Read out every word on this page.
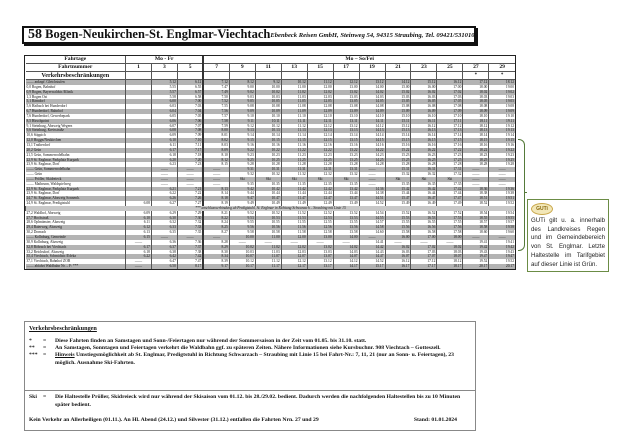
58 Bogen-Neukirchen-St. Englmar-Viechtach Ebenbeck Reisen GmbH, Steinweg 54, 94315 Straubing, Tel. 09421/531010
Fahrtage	Mo - Fr			Mo – So/Fei											
Fahrtnummer	1	3	5	7	9	11	13	15	17	19	21	23	25	27	29
Verkehrsbeschränkungen														*	*
—— anknpf. Gleichstufen		5.12	6.12	7.12	8.12	9.12	10.12	11.12	12.12	13.12	14.12	15.12	16.12	17.12	18.12
0,0 Bogen, Bahnhof		5.55	6.55	7.47	9.00	10.00	11.00	12.00	13.00	14.00	15.00	16.00	17.00	18.00	19.00
0,9 Bogen, Bayerwaldstr./Klinik		5.57	6.57	7.49	9.02	10.02	11.02	12.02	13.02	14.02	15.02	16.02	17.02	18.02	19.02
1,3 Bogen Ost		5.58	6.58	7.50	9.03	10.03	11.03	12.03	13.03	14.03	15.03	16.03	17.03	18.03	19.03
5,1 Bärndorf		6.00	7.00	7.52	9.05	10.05	11.05	12.05	13.05	14.05	15.05	16.05	17.05	18.05	19.05
5,6 Haibach bei Hunderdorf		6.03	7.03	7.55	9.08	10.08	11.08	12.08	13.08	14.08	15.08	16.08	17.08	18.08	19.08
6,7 Hunderdorf, Bahnhof		6.04	7.04	7.56	9.09	10.09	11.09	12.09	13.09	14.09	15.09	16.09	17.09	18.09	19.09
7,6 Hunderdorf, Gewerbepark		6.05	7.05	7.57	9.10	10.10	11.10	12.10	13.10	14.10	15.10	16.10	17.10	18.10	19.10
8,5 Hirschpoint		6.06	7.06	7.58	9.11	10.11	11.11	12.11	13.11	14.11	15.11	16.11	17.11	18.11	19.11
9,1 Steinburg, Abzweig Wegern		6.07	7.07	7.59	9.12	10.12	11.12	12.12	13.12	14.12	15.12	16.12	17.12	18.12	19.12
9,6 Steinburg, Kreisstraße		6.08	7.08	8.00	9.13	10.13	11.13	12.13	13.13	14.13	15.13	16.13	17.13	18.13	19.13
10,6 Stippich		6.09	7.09	8.01	9.14	10.14	11.14	12.14	13.14	14.14	15.14	16.14	17.14	18.14	19.14
12,0 Hoggn/Neukirchen		6.10	7.10	8.02	9.15	10.15	11.15	12.15	13.15	14.15	15.15	16.15	17.15	18.15	19.15
13,1 Tratberdorf		6.11	7.11	8.03	9.16	10.16	11.16	12.16	13.16	14.16	15.16	16.16	17.16	18.16	19.16
20,2 Grün		6.17	7.17	8.09	9.22	10.22	11.22	12.22	13.22	14.22	15.22	16.22	17.22	18.22	19.22
21,5 Grün, Sommerrodelbahn		6.18	7.18	8.10	9.23	10.23	11.23	12.23	13.23	14.23	15.23	16.23	17.23	18.23	19.23
22,9 St. Englmar, Parkplatz Kurpark		6.20	7.20	8.12	9.25	10.25	11.25	12.25	13.25	14.25	15.25	16.25	17.25	18.25	19.25
23,9 St. Englmar, Dorf		6.23	7.23	8.15	9.28	10.28	11.28	12.28	13.28	14.28	15.28	16.28	17.28	18.28	19.28
—— Grün, Sommerrodelbahn		——	——	——	9.31	10.31	11.31	12.31	13.31	——	15.31	16.31	17.31	——	——
—— Grün		——	——	——	9.32	10.32	11.32	12.32	13.32	——	15.32	16.32	17.32	——	——
—— Pröller, Skidreieck		——	——	——	Ski	Ski	Ski	Ski	Ski	——	Ski	Ski	Ski	——	——
—— Maibrunn, Waldspielweg		——	——	——	9.35	10.35	11.35	12.35	13.35	——	15.35	16.35	17.35	——	——
22,9 St. Englmar, Parkplatz Kurpark		6.21	7.21	8.13	9.42	10.42	11.42	12.42	13.42	14.36	15.42	16.42	17.42	18.36	19.36
23,9 St. Englmar, Dorf		6.22	7.22	8.14	9.44	10.44	11.44	12.44	13.44	14.38	15.44	16.44	17.44	18.38	19.38
24,7 St. Englmar, Abzweig Sonnenh.		6.26	7.26	8.18	9.47	10.47	11.47	12.47	13.47	14.51	15.47	16.47	17.47	18.51	19.51
24,9 St. Englmar, Predigtstuhl	6.08	6.27	7.27	8.19	9.49	10.49	11.49	12.49	13.49	14.52	15.49	16.49	17.49	18.52	19.52
*** anschlussverbindung ab Predigtstuhl, St. Englmar in Richtung Schwarzach – Straubing mit Linie 15															
27,2 Waldhof, Abzweig	6.09	6.29	7.29	8.21	9.52	10.52	11.52	12.52	13.52	14.54	15.52	16.52	17.52	18.54	19.54
27,7 Hochstraß	6.10	6.30	7.30	8.22	9.53	10.53	11.53	12.53	13.53	14.55	15.53	16.53	17.53	18.55	19.55
28,6 Oplmünster, Abzweig	6.11	6.32	7.32	8.24	9.55	10.55	11.55	12.55	13.55	14.57	15.55	16.55	17.55	18.57	19.57
29,4 Baierweg, Abzweig	6.12	6.33	7.33	8.25	9.56	10.56	11.56	12.56	13.56	14.58	15.56	16.56	17.56	18.58	19.58
30,2 Dornach	6.13	6.35	7.35	8.27	9.58	10.58	11.58	12.58	13.58	14.60	15.58	16.58	17.58	18.60	19.60
—— Kollnburg, Gemeinde	6.15	——	——	——	10.00	11.00	12.00	13.00	14.00	——	16.00	17.00	18.00	——	——
30,9 Kollnburg, Abzweig	——	6.36	7.36	8.28	——	——	——	——	——	14.41	——	——	——	19.41	19.41
32,8 Böbrach bei Viechtach	6.17	6.37	7.37	8.29	10.02	11.02	12.02	13.02	14.02	14.42	16.02	17.02	18.02	19.42	19.42
33,2 Reichsdorf, Abzweig	6.18	6.38	7.38	8.30	10.03	11.03	12.03	13.03	14.03	14.43	16.03	17.03	18.03	19.43	19.43
35,4 Viechtach, Schmidtstr./Edeka	6.22	6.42	7.42	8.34	10.07	11.07	12.07	13.07	14.07	14.47	16.07	17.07	18.07	19.47	19.47
37,1 Viechtach, Bahnhof ZOB	——	6.47	7.47	8.39	10.12	11.12	12.12	13.12	14.12	14.52	16.12	17.12	18.12	19.52	19.52
—— abfahrt Waldbahn Nr. – F: ***	——	6.50	8.17	9.17	10.17	11.17	12.17	13.17	14.17	15.17	16.17	17.17	18.17	20.17	20.17
GUTi
GUTi gilt u. a. innerhalb des Landkreises Regen und im Gemeindebereich von St. Englmar. Letzte Haltestelle im Tarifgebiet auf dieser Linie ist Grün.
Verkehrsbeschränkungen
*	=	Diese Fahrten finden an Samstagen und Sonn-/Feiertagen nur während der Sommersaison in der Zeit vom 01.05. bis 31.10. statt.
**	=	An Samstagen, Sonntagen und Feiertagen verkehrt die Waldbahn ggf. zu späteren Zeiten. Nähere Informationen siehe Kursbuchnr. 908 Viechtach – Gotteszell.
*** =	Hinweis Umstiegsmöglichkeit ab St. Englmar, Predigtstuhl in Richtung Schwarzach – Straubing mit Linie 15 bei Fahrt-Nr.: 7, 11, 21 (nur an Sonn- u. Feiertagen), 23 möglich. Ausnahme Ski-Fahrten.
Ski	=	Die Haltestelle Pröller, Skidreieck wird nur während der Skisaison vom 01.12. bis 28./29.02. bedient. Dadurch werden die nachfolgenden Haltestellen bis zu 10 Minuten später bedient.
Kein Verkehr an Allerheiligen (01.11.). An Hl. Abend (24.12.) und Silvester (31.12.) entfallen die Fahrten Nrn. 27 und 29	Stand: 01.01.2024
